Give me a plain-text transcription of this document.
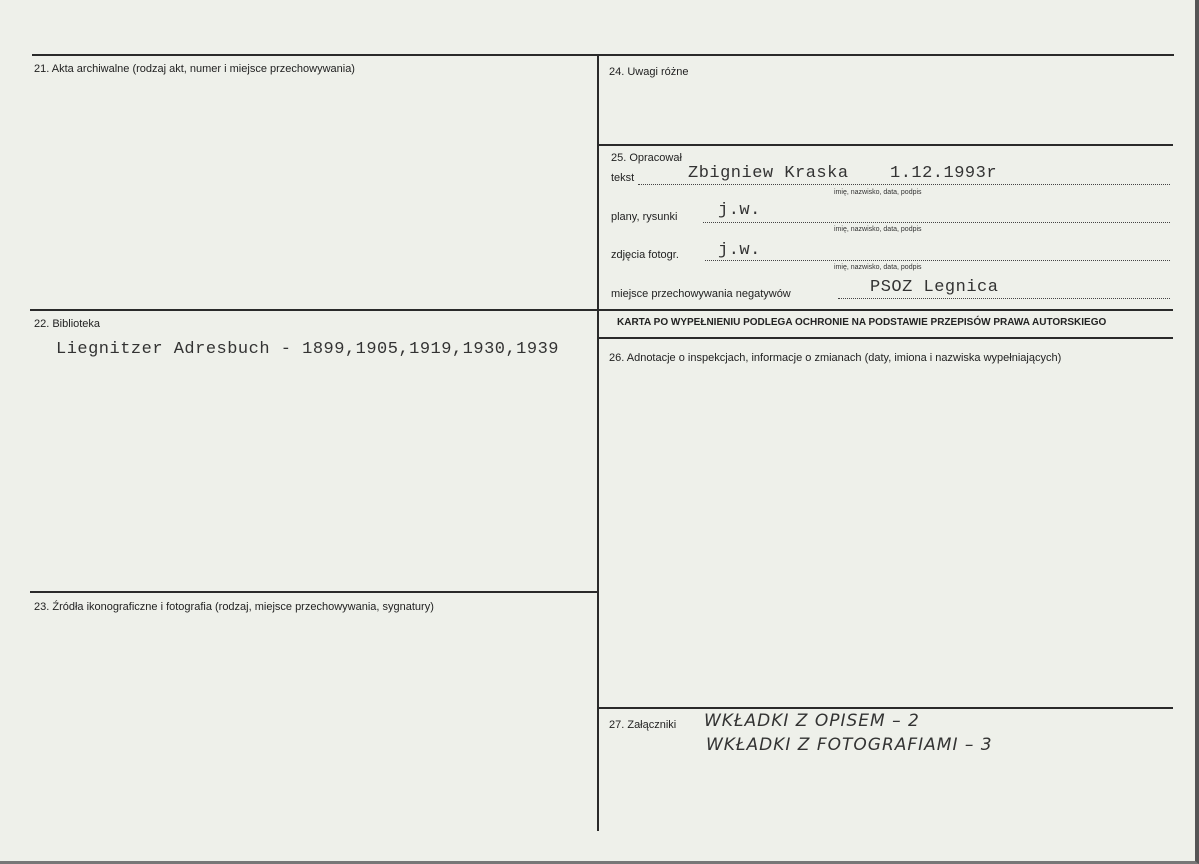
21. Akta archiwalne (rodzaj akt, numer i miejsce przechowywania)
22. Biblioteka
Liegnitzer Adresbuch - 1899,1905,1919,1930,1939
23. Źródła ikonograficzne i fotografia (rodzaj, miejsce przechowywania, sygnatury)
24. Uwagi różne
25. Opracował
tekst	Zbigniew Kraska 1.12.1993r
imię, nazwisko, data, podpis
plany, rysunki j.w.
imię, nazwisko, data, podpis
zdjęcia fotogr. j.w.
imię, nazwisko, data, podpis
miejsce przechowywania negatywów	PSOZ Legnica
KARTA PO WYPEŁNIENIU PODLEGA OCHRONIE NA PODSTAWIE PRZEPISÓW PRAWA AUTORSKIEGO
26. Adnotacje o inspekcjach, informacje o zmianach (daty, imiona i nazwiska wypełniających)
27. Załączniki WKŁADKI Z OPISEM – 2
WKŁADKI Z FOTOGRAFIAMI – 3
